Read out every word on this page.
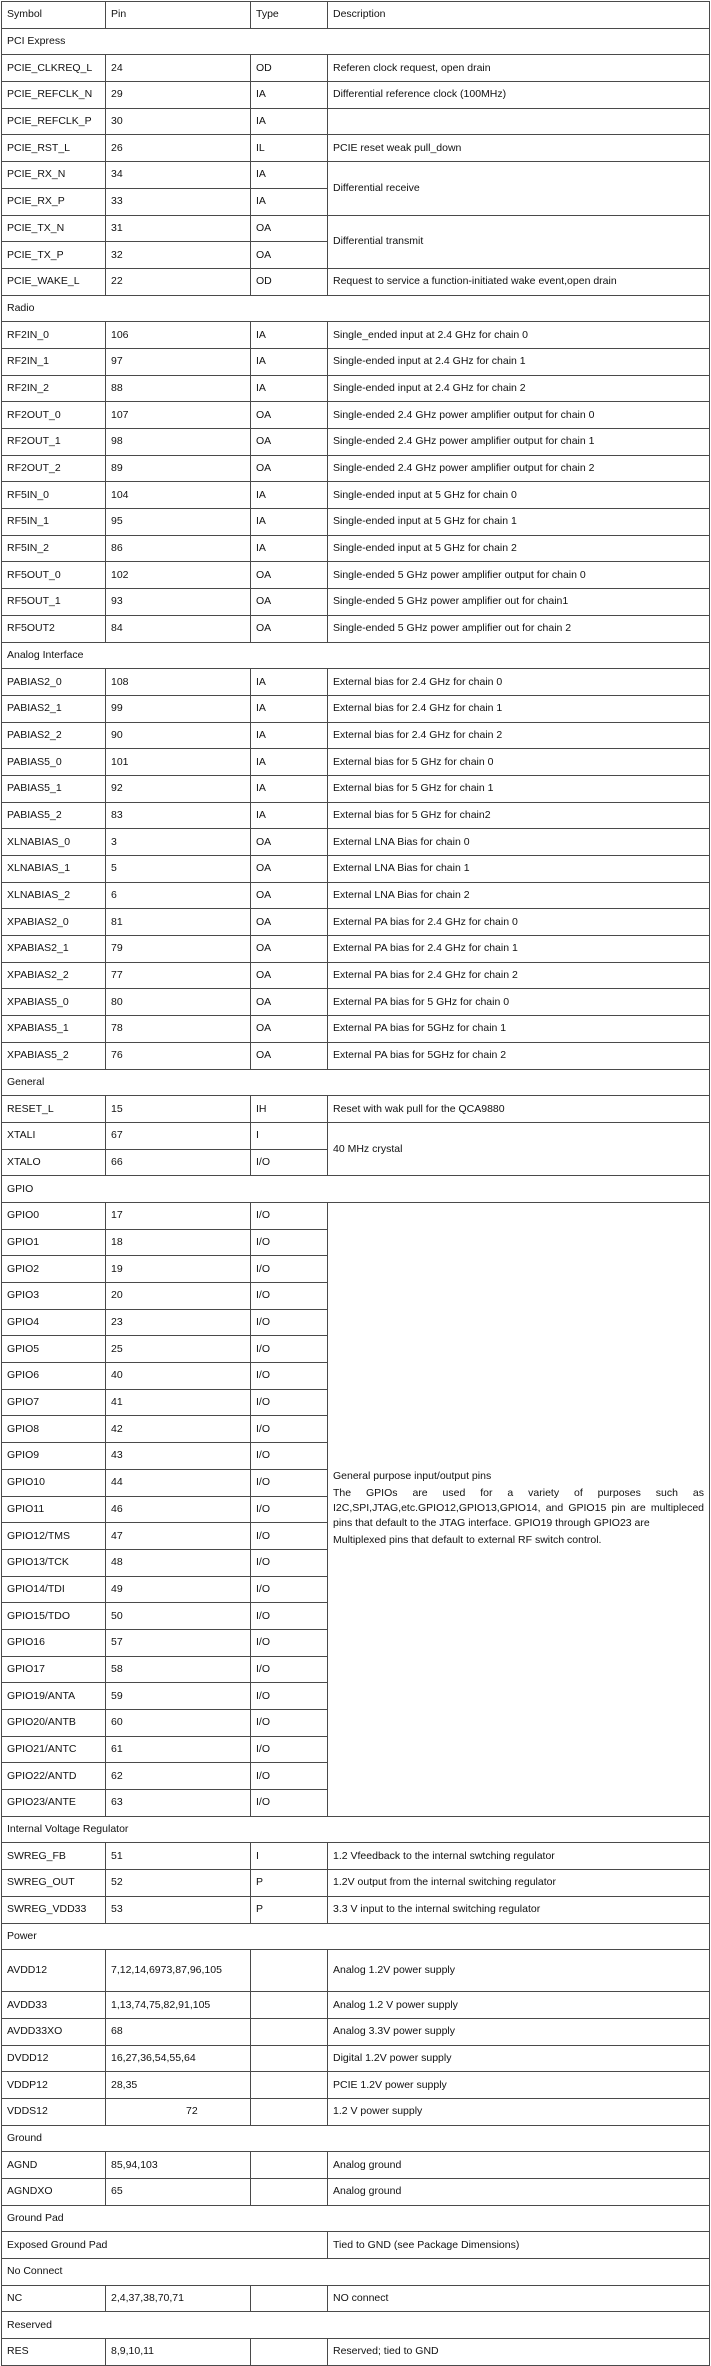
Symbol	Pin	Type	Description
PCI Express			
PCIE_CLKREQ_L	24	OD	Referen clock request, open drain
PCIE_REFCLK_N	29	IA	Differential reference clock (100MHz)
PCIE_REFCLK_P	30	IA	
PCIE_RST_L	26	IL	PCIE reset weak pull_down
PCIE_RX_N	34	IA	Differential receive
PCIE_RX_P	33	IA	
PCIE_TX_N	31	OA	Differential transmit
PCIE_TX_P	32	OA	
PCIE_WAKE_L	22	OD	Request to service a function-initiated wake event,open drain
Radio			
RF2IN_0	106	IA	Single_ended input at 2.4 GHz for chain 0
RF2IN_1	97	IA	Single-ended input at 2.4 GHz for chain 1
RF2IN_2	88	IA	Single-ended input at 2.4 GHz for chain 2
RF2OUT_0	107	OA	Single-ended 2.4 GHz power amplifier output for chain 0
RF2OUT_1	98	OA	Single-ended 2.4 GHz power amplifier output for chain 1
RF2OUT_2	89	OA	Single-ended 2.4 GHz power amplifier output for chain 2
RF5IN_0	104	IA	Single-ended input at 5 GHz for chain 0
RF5IN_1	95	IA	Single-ended input at 5 GHz for chain 1
RF5IN_2	86	IA	Single-ended input at 5 GHz for chain 2
RF5OUT_0	102	OA	Single-ended 5 GHz power amplifier output for chain 0
RF5OUT_1	93	OA	Single-ended 5 GHz power amplifier out for chain1
RF5OUT2	84	OA	Single-ended 5 GHz power amplifier out for chain 2
Analog Interface			
PABIAS2_0	108	IA	External bias for 2.4 GHz for chain 0
PABIAS2_1	99	IA	External bias for 2.4 GHz for chain 1
PABIAS2_2	90	IA	External bias for 2.4 GHz for chain 2
PABIAS5_0	101	IA	External bias for 5 GHz for chain 0
PABIAS5_1	92	IA	External bias for 5 GHz for chain 1
PABIAS5_2	83	IA	External bias for 5 GHz for chain2
XLNABIAS_0	3	OA	External LNA Bias for chain 0
XLNABIAS_1	5	OA	External LNA Bias for chain 1
XLNABIAS_2	6	OA	External LNA Bias for chain 2
XPABIAS2_0	81	OA	External PA bias for 2.4 GHz for chain 0
XPABIAS2_1	79	OA	External PA bias for 2.4 GHz for chain 1
XPABIAS2_2	77	OA	External PA bias for 2.4 GHz for chain 2
XPABIAS5_0	80	OA	External PA bias for 5 GHz for chain 0
XPABIAS5_1	78	OA	External PA bias for 5GHz for chain 1
XPABIAS5_2	76	OA	External PA bias for 5GHz for chain 2
General			
RESET_L	15	IH	Reset with wak pull for the QCA9880
XTALI	67	I	40 MHz crystal
XTALO	66	I/O	
GPIO			
GPIO0	17	I/O	General purpose input/output pins

The GPIOs are used for a variety of purposes such as I2C,SPI,JTAG,etc.GPIO12,GPIO13,GPIO14, and GPIO15 pin are multipleced pins that default to the JTAG interface. GPIO19 through GPIO23 are

Multiplexed pins that default to external RF switch control.

GPIO1	18	I/O	
GPIO2	19	I/O	
GPIO3	20	I/O	
GPIO4	23	I/O	
GPIO5	25	I/O	
GPIO6	40	I/O	
GPIO7	41	I/O	
GPIO8	42	I/O	
GPIO9	43	I/O	
GPIO10	44	I/O	
GPIO11	46	I/O	
GPIO12/TMS	47	I/O	
GPIO13/TCK	48	I/O	
GPIO14/TDI	49	I/O	
GPIO15/TDO	50	I/O	
GPIO16	57	I/O	
GPIO17	58	I/O	
GPIO19/ANTA	59	I/O	
GPIO20/ANTB	60	I/O	
GPIO21/ANTC	61	I/O	
GPIO22/ANTD	62	I/O	
GPIO23/ANTE	63	I/O	
Internal Voltage Regulator			
SWREG_FB	51	I	1.2 Vfeedback to the internal swtching regulator
SWREG_OUT	52	P	1.2V output from the internal switching regulator
SWREG_VDD33	53	P	3.3 V input to the internal switching regulator
Power			
AVDD12	7,12,14,6973,87,96,105		Analog 1.2V power supply
AVDD33	1,13,74,75,82,91,105		Analog 1.2 V power supply
AVDD33XO	68		Analog 3.3V power supply
DVDD12	16,27,36,54,55,64		Digital 1.2V power supply
VDDP12	28,35		PCIE 1.2V power supply
VDDS12	72		1.2 V power supply
Ground			
AGND	85,94,103		Analog ground
AGNDXO	65		Analog ground
Ground Pad			
Exposed Ground Pad			Tied to GND (see Package Dimensions)
No Connect			
NC	2,4,37,38,70,71		NO connect
Reserved			
RES	8,9,10,11		Reserved; tied to GND
